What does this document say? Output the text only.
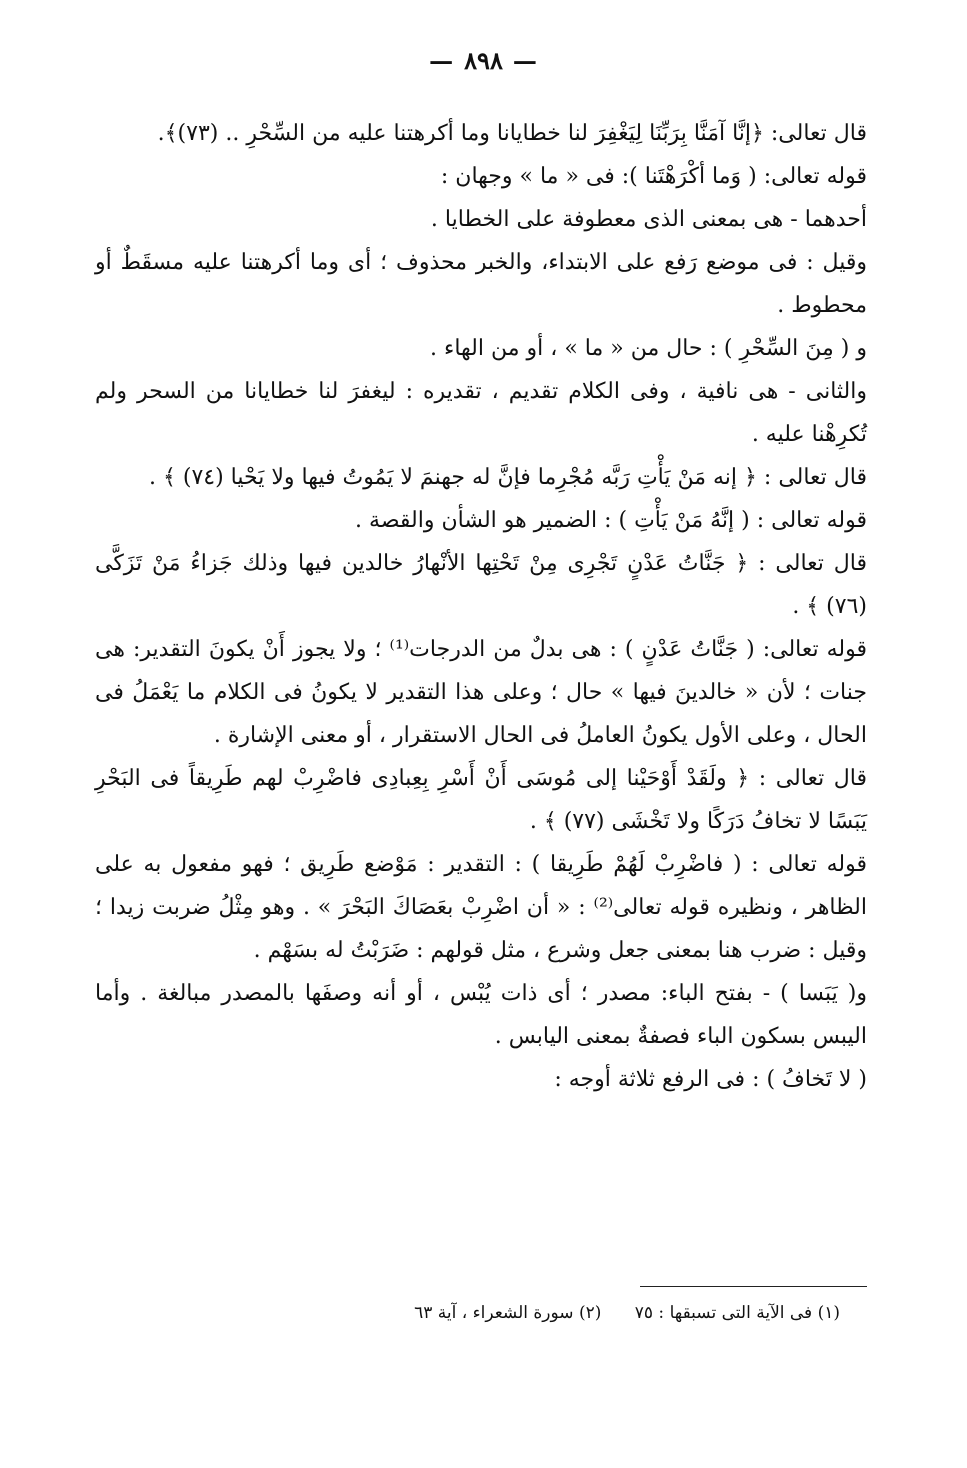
— ٨٩٨ —

قال تعالى: ﴿إنَّا آمَنَّا بِرَبِّنَا لِيَغْفِرَ لنا خطايانا وما أكرهتنا عليه من السِّحْرِ .. (٧٣)﴾.

قوله تعالى: ( وَما أكْرَهْتَنا ): فى « ما » وجهان :

أحدهما - هى بمعنى الذى معطوفة على الخطايا .

وقيل : فى موضع رَفع على الابتداء، والخبر محذوف ؛ أى وما أكرهتنا عليه مسقَطٌ أو محطوط .

و ( مِنَ السِّحْرِ ) : حال من « ما » ، أو من الهاء .

والثانى - هى نافية ، وفى الكلام تقديم ، تقديره : ليغفرَ لنا خطايانا من السحر ولم تُكرِهْنا عليه .

قال تعالى : ﴿ إنه مَنْ يَأْتِ رَبَّه مُجْرِما فإنَّ له جهنمَ لا يَمُوتُ فيها ولا يَحْيا (٧٤) ﴾ .

قوله تعالى : ( إنَّهُ مَنْ يَأْتِ ) : الضمير هو الشأن والقصة .

قال تعالى : ﴿ جَنَّاتُ عَدْنٍ تَجْرِى مِنْ تَحْتِها الأنْهارُ خالدين فيها وذلك جَزاءُ مَنْ تَزَكَّى (٧٦) ﴾ .

قوله تعالى: ( جَنَّاتُ عَدْنٍ ) : هى بدلٌ من الدرجات⁽¹⁾ ؛ ولا يجوز أَنْ يكونَ التقدير: هى جنات ؛ لأن « خالدينَ فيها » حال ؛ وعلى هذا التقدير لا يكونُ فى الكلام ما يَعْمَلُ فى الحال ، وعلى الأول يكونُ العاملُ فى الحال الاستقرار ، أو معنى الإشارة .

قال تعالى : ﴿ ولَقَدْ أَوْحَيْنا إلى مُوسَى أَنْ أَسْرِ بِعِبادِى فاضْرِبْ لهم طَرِيقاً فى البَحْرِ يَبَسًا لا تخافُ دَرَكًا ولا تَخْشَى (٧٧) ﴾ .

قوله تعالى : ( فاضْرِبْ لَهُمْ طَرِيقا ) : التقدير : مَوْضع طَرِيق ؛ فهو مفعول به على الظاهر ، ونظيره قوله تعالى⁽²⁾ : « أن اضْرِبْ بعَصَاكَ البَحْرَ » . وهو مِثْلُ ضربت زيدا ؛ وقيل : ضرب هنا بمعنى جعل وشرع ، مثل قولهم : ضَرَبْتُ له بسَهْم .

و( يَبَسا ) - بفتح الباء: مصدر ؛ أى ذات يُبْس ، أو أنه وصفَها بالمصدر مبالغة . وأما اليبس بسكون الباء فصفةٌ بمعنى اليابس .

( لا تَخافُ ) : فى الرفع ثلاثة أوجه :

(١) فى الآية التى تسبقها : ٧٥ (٢) سورة الشعراء ، آية ٦٣
